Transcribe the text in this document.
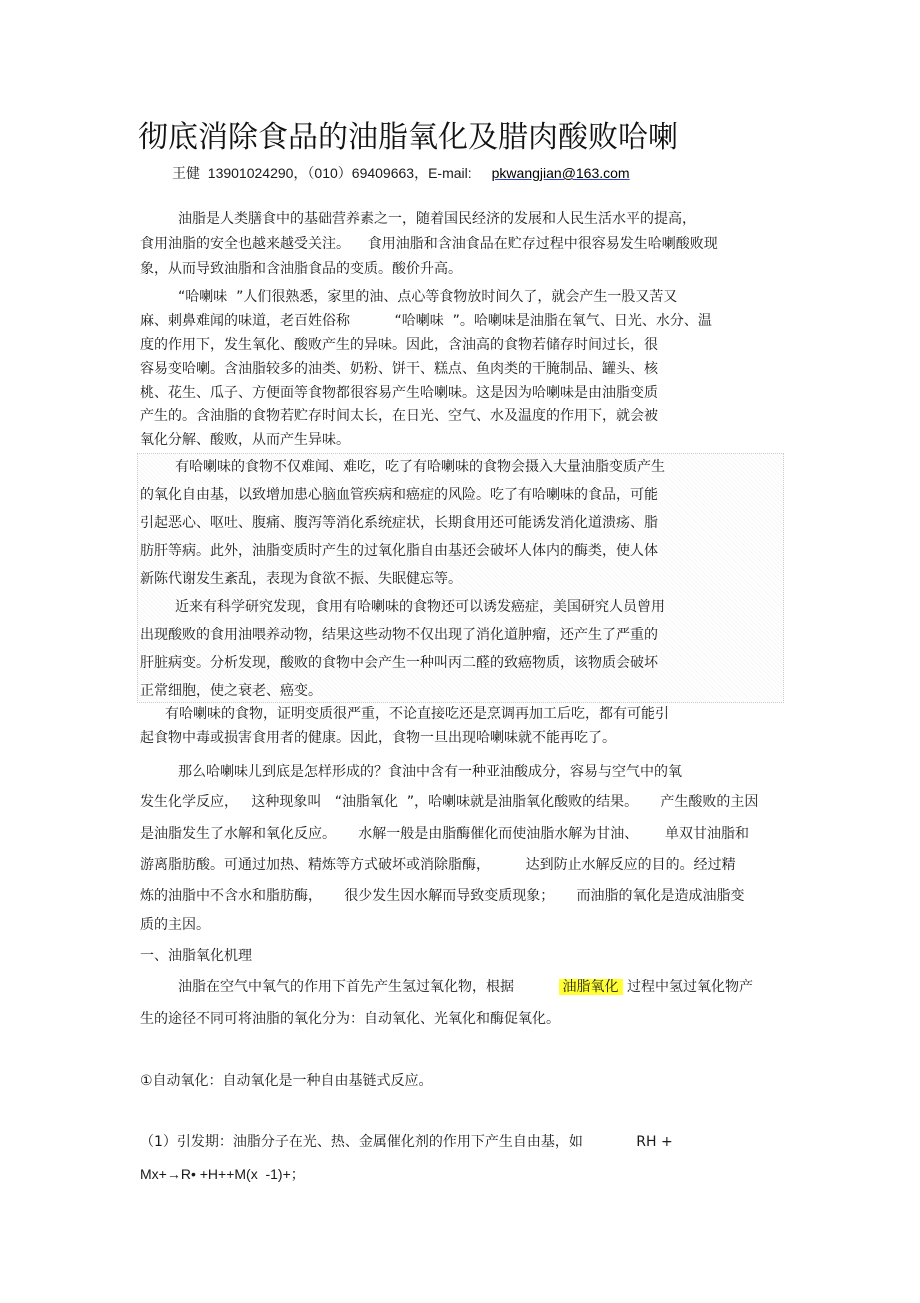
彻底消除食品的油脂氧化及腊肉酸败哈喇
王健  13901024290，（010）69409663，E-mail: pkwangjian@163.com
油脂是人类膳食中的基础营养素之一，随着国民经济的发展和人民生活水平的提高，
食用油脂的安全也越来越受关注。    食用油脂和含油食品在贮存过程中很容易发生哈喇酸败现
象，从而导致油脂和含油脂食品的变质。酸价升高。
“哈喇味  ”人们很熟悉，家里的油、点心等食物放时间久了，就会产生一股又苦又
麻、刺鼻难闻的味道，老百姓俗称          “哈喇味  ”。哈喇味是油脂在氧气、日光、水分、温
度的作用下，发生氧化、酸败产生的异味。因此，含油高的食物若储存时间过长，很
容易变哈喇。含油脂较多的油类、奶粉、饼干、糕点、鱼肉类的干腌制品、罐头、核
桃、花生、瓜子、方便面等食物都很容易产生哈喇味。这是因为哈喇味是由油脂变质
产生的。含油脂的食物若贮存时间太长，在日光、空气、水及温度的作用下，就会被
氧化分解、酸败，从而产生异味。
有哈喇味的食物不仅难闻、难吃，吃了有哈喇味的食物会摄入大量油脂变质产生
的氧化自由基，以致增加患心脑血管疾病和癌症的风险。吃了有哈喇味的食品，可能
引起恶心、呕吐、腹痛、腹泻等消化系统症状，长期食用还可能诱发消化道溃疡、脂
肪肝等病。此外，油脂变质时产生的过氧化脂自由基还会破坏人体内的酶类，使人体
新陈代谢发生紊乱，表现为食欲不振、失眠健忘等。
近来有科学研究发现，食用有哈喇味的食物还可以诱发癌症，美国研究人员曾用
出现酸败的食用油喂养动物，结果这些动物不仅出现了消化道肿瘤，还产生了严重的
肝脏病变。分析发现，酸败的食物中会产生一种叫丙二醛的致癌物质，该物质会破坏
正常细胞，使之衰老、癌变。
有哈喇味的食物，证明变质很严重，不论直接吃还是烹调再加工后吃，都有可能引
起食物中毒或损害食用者的健康。因此，食物一旦出现哈喇味就不能再吃了。
那么哈喇味儿到底是怎样形成的？食油中含有一种亚油酸成分，容易与空气中的氧
发生化学反应，   这种现象叫   “油脂氧化  ”，哈喇味就是油脂氧化酸败的结果。     产生酸败的主因
是油脂发生了水解和氧化反应。     水解一般是由脂酶催化而使油脂水解为甘油、      单双甘油脂和
游离脂肪酸。可通过加热、精炼等方式破坏或消除脂酶，        达到防止水解反应的目的。经过精
炼的油脂中不含水和脂肪酶，     很少发生因水解而导致变质现象；     而油脂的氧化是造成油脂变
质的主因。
一、油脂氧化机理
油脂在空气中氧气的作用下首先产生氢过氧化物，根据          油脂氧化 过程中氢过氧化物产
生的途径不同可将油脂的氧化分为：自动氧化、光氧化和酶促氧化。
①自动氧化：自动氧化是一种自由基链式反应。
（1）引发期：油脂分子在光、热、金属催化剂的作用下产生自由基，如            RH +
Mx+→R• +H++M(x  -1)+；
